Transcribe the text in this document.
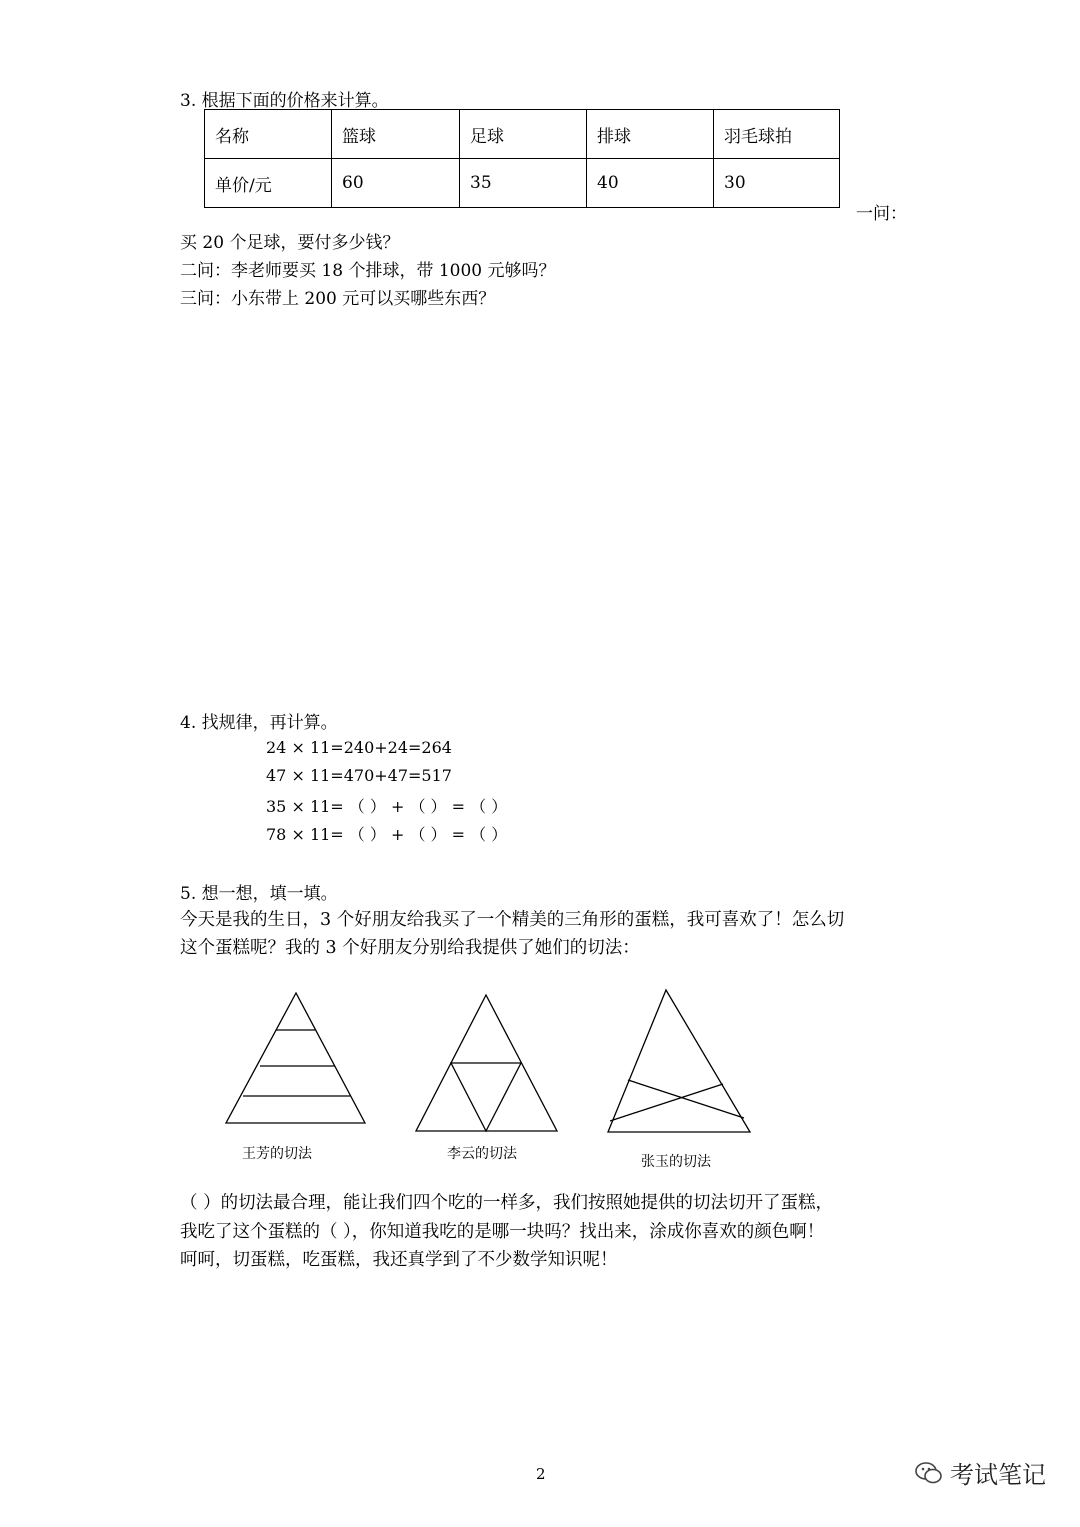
3. 根据下面的价格来计算。
名称	篮球	足球	排球	羽毛球拍
单价/元	60	35	40	30
一问：
买 20 个足球，要付多少钱？
二问：李老师要买 18 个排球，带 1000 元够吗？
三问：小东带上 200 元可以买哪些东西？
4. 找规律，再计算。
24 × 11=240+24=264
47 × 11=470+47=517
35 × 11= （ ） + （ ） = （ ）
78 × 11= （ ） + （ ） = （ ）
5. 想一想，填一填。
今天是我的生日，3 个好朋友给我买了一个精美的三角形的蛋糕，我可喜欢了！怎么切
这个蛋糕呢？我的 3 个好朋友分别给我提供了她们的切法：
王芳的切法	李云的切法	张玉的切法
（ ）的切法最合理，能让我们四个吃的一样多，我们按照她提供的切法切开了蛋糕，
我吃了这个蛋糕的（ ），你知道我吃的是哪一块吗？找出来，涂成你喜欢的颜色啊！
呵呵，切蛋糕，吃蛋糕，我还真学到了不少数学知识呢！
2	考试笔记
